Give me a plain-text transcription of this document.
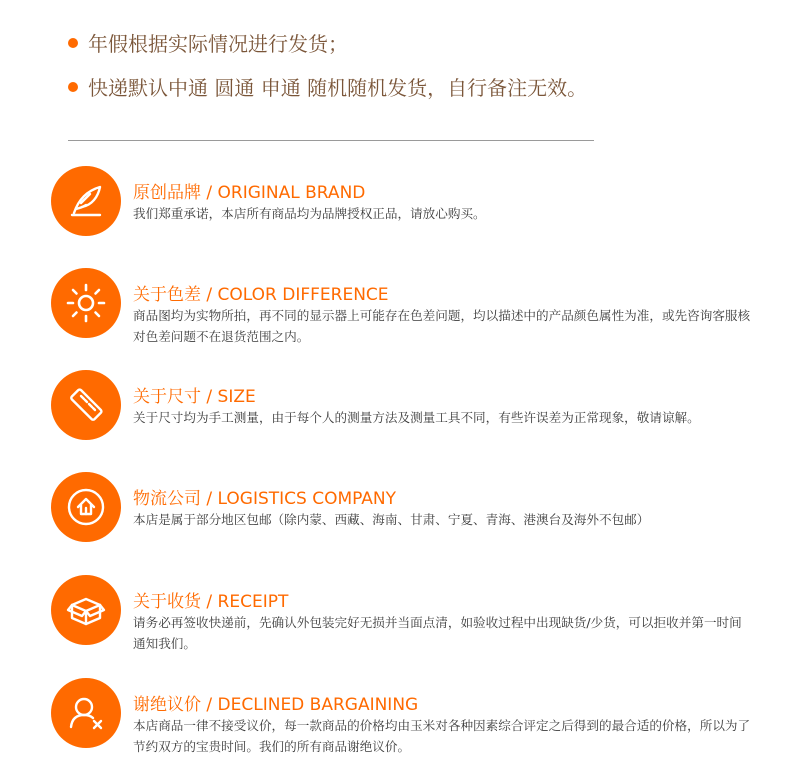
年假根据实际情况进行发货；
快递默认中通 圆通 申通 随机随机发货，自行备注无效。
原创品牌 / ORIGINAL BRAND
我们郑重承诺，本店所有商品均为品牌授权正品，请放心购买。
关于色差 / COLOR DIFFERENCE
商品图均为实物所拍，再不同的显示器上可能存在色差问题，均以描述中的产品颜色属性为准，或先咨询客服核对色差问题不在退货范围之内。
关于尺寸 / SIZE
关于尺寸均为手工测量，由于每个人的测量方法及测量工具不同，有些许误差为正常现象，敬请谅解。
物流公司 / LOGISTICS COMPANY
本店是属于部分地区包邮（除内蒙、西藏、海南、甘肃、宁夏、青海、港澳台及海外不包邮）
关于收货 / RECEIPT
请务必再签收快递前，先确认外包装完好无损并当面点清，如验收过程中出现缺货/少货，可以拒收并第一时间通知我们。
谢绝议价 / DECLINED BARGAINING
本店商品一律不接受议价，每一款商品的价格均由玉米对各种因素综合评定之后得到的最合适的价格，所以为了节约双方的宝贵时间。我们的所有商品谢绝议价。
